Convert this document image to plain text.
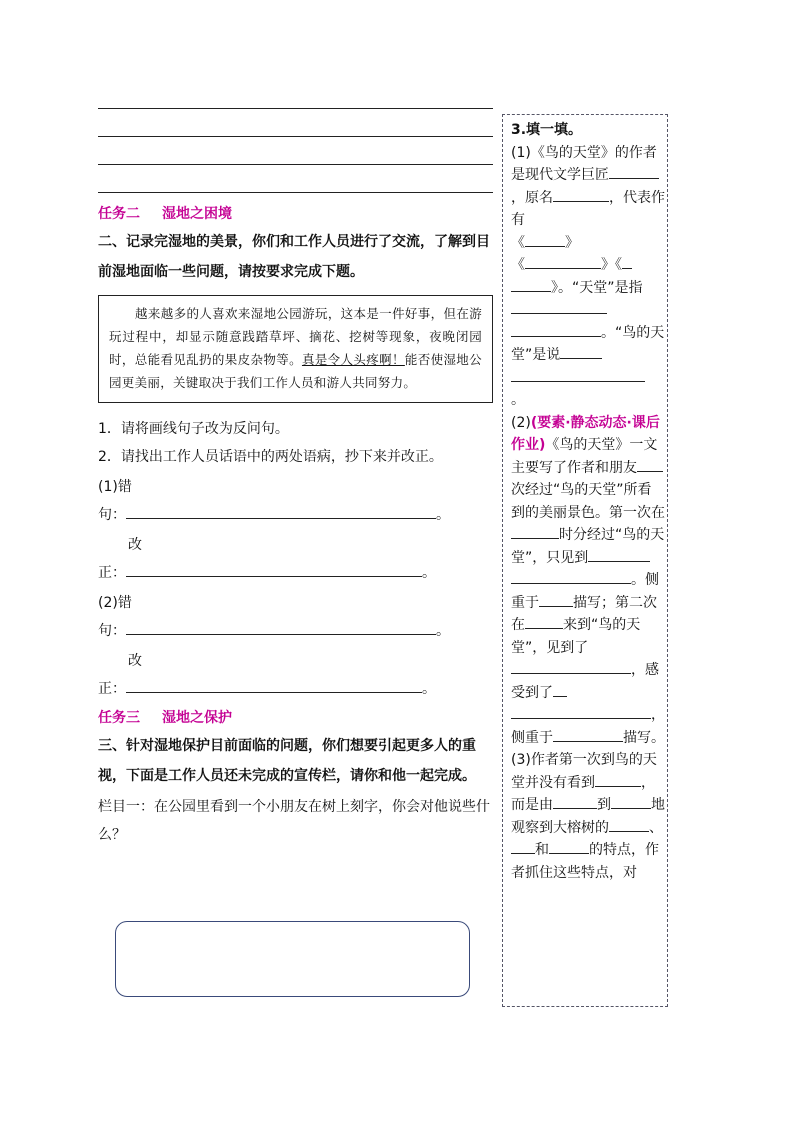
任务二 湿地之困境
二、记录完湿地的美景，你们和工作人员进行了交流，了解到目前湿地面临一些问题，请按要求完成下题。
越来越多的人喜欢来湿地公园游玩，这本是一件好事，但在游玩过程中，却显示随意践踏草坪、摘花、挖树等现象，夜晚闭园时，总能看见乱扔的果皮杂物等。真是令人头疼啊！能否使湿地公园更美丽，关键取决于我们工作人员和游人共同努力。
1．请将画线句子改为反问句。
2．请找出工作人员话语中的两处语病，抄下来并改正。
(1)错
句：	。
改
正：	。
(2)错
句：	。
改
正：	。
任务三 湿地之保护
三、针对湿地保护目前面临的问题，你们想要引起更多人的重视，下面是工作人员还未完成的宣传栏，请你和他一起完成。
栏目一：在公园里看到一个小朋友在树上刻字，你会对他说些什么？
3.填一填。
(1)《鸟的天堂》的作者是现代文学巨匠，原名	，代表作有
《	》
《	》《》。“天堂”是指。“鸟的天堂”是说
。
(2)(要素·静态动态·课后作业)《鸟的天堂》一文主要写了作者和朋友次经过“鸟的天堂”所看到的美丽景色。第一次在时分经过“鸟的天堂”，只见到。侧重于 描写；第二次在	来到“鸟的天堂”，见到了，感受到了，侧重于	描写。
(3)作者第一次到鸟的天堂并没有看到	，而是由	到	地观察到大榕树的	、和	的特点，作者抓住这些特点，对
